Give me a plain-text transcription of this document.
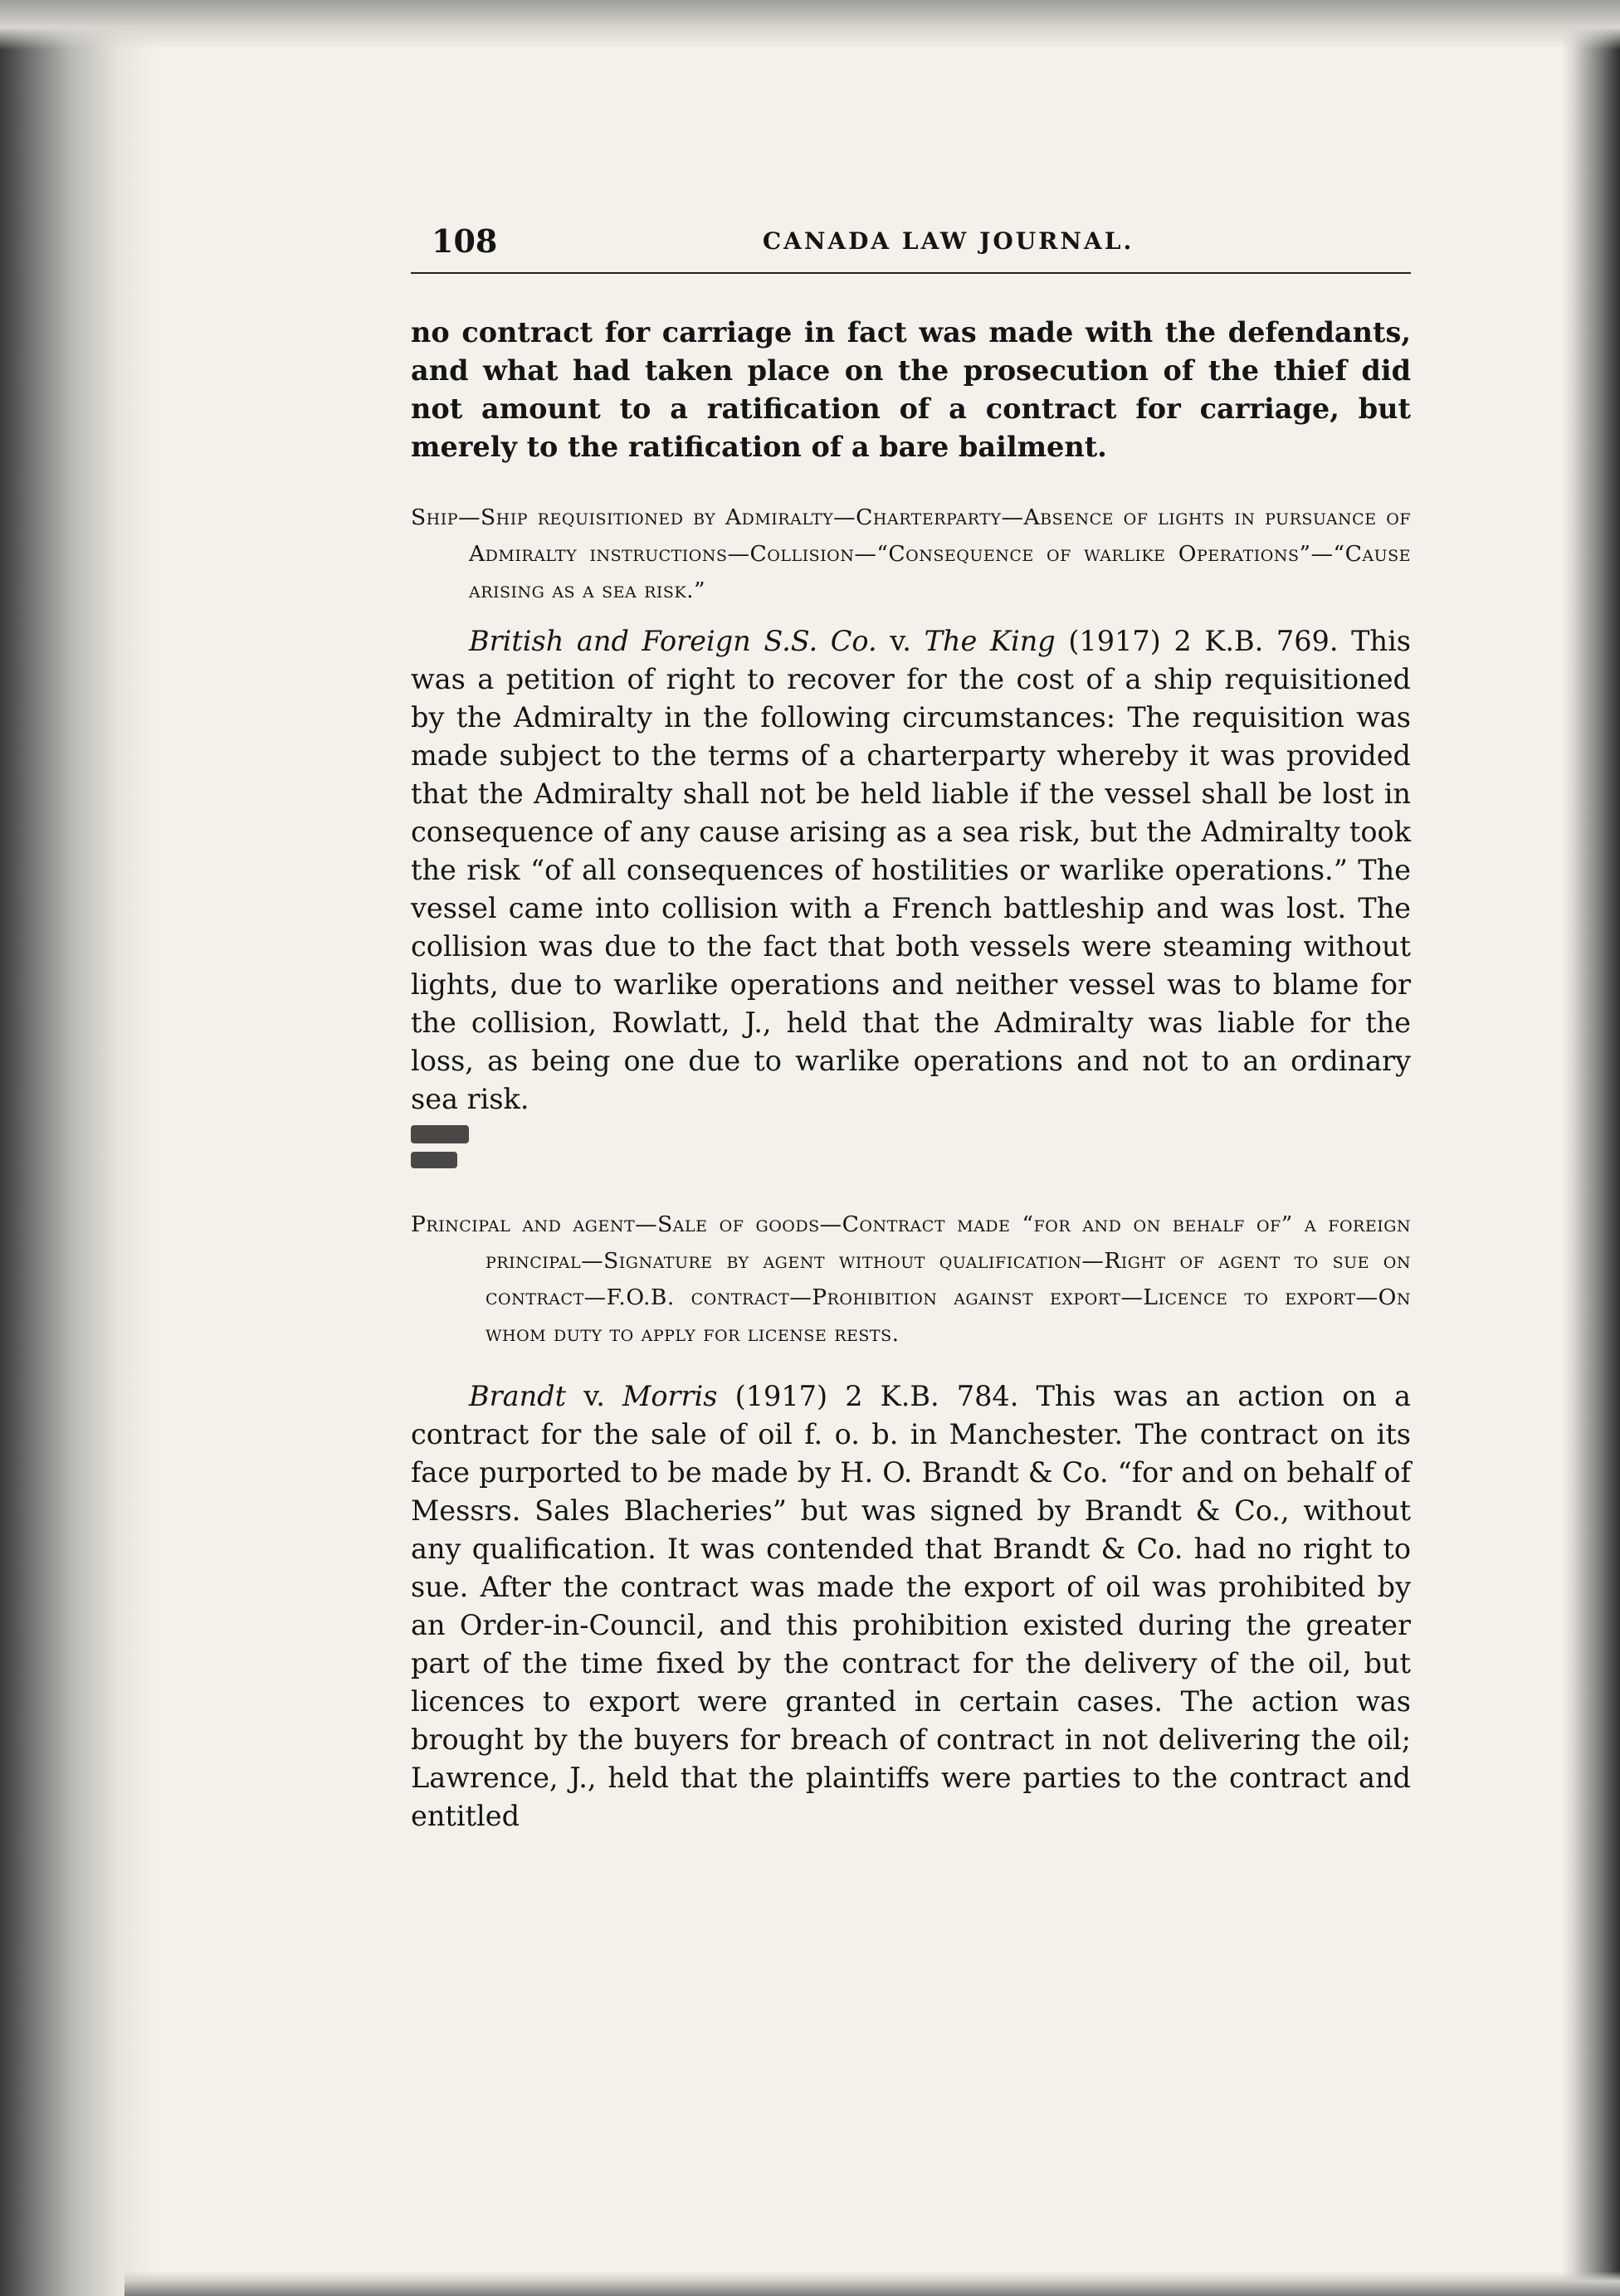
108	CANADA LAW JOURNAL.

no contract for carriage in fact was made with the defendants, and what had taken place on the prosecution of the thief did not amount to a ratification of a contract for carriage, but merely to the ratification of a bare bailment.

Ship—Ship requisitioned by Admiralty—Charterparty—Absence of lights in pursuance of Admiralty instructions—Collision—“Consequence of warlike Operations”—“Cause arising as a sea risk.”

British and Foreign S.S. Co. v. The King (1917) 2 K.B. 769. This was a petition of right to recover for the cost of a ship requisitioned by the Admiralty in the following circumstances: The requisition was made subject to the terms of a charterparty whereby it was provided that the Admiralty shall not be held liable if the vessel shall be lost in consequence of any cause arising as a sea risk, but the Admiralty took the risk “of all consequences of hostilities or warlike operations.” The vessel came into collision with a French battleship and was lost. The collision was due to the fact that both vessels were steaming without lights, due to warlike operations and neither vessel was to blame for the collision, Rowlatt, J., held that the Admiralty was liable for the loss, as being one due to warlike operations and not to an ordinary sea risk.

Principal and agent—Sale of goods—Contract made “for and on behalf of” a foreign principal—Signature by agent without qualification—Right of agent to sue on contract—F.O.B. contract—Prohibition against export—Licence to export—On whom duty to apply for license rests.

Brandt v. Morris (1917) 2 K.B. 784. This was an action on a contract for the sale of oil f. o. b. in Manchester. The contract on its face purported to be made by H. O. Brandt & Co. “for and on behalf of Messrs. Sales Blacheries” but was signed by Brandt & Co., without any qualification. It was contended that Brandt & Co. had no right to sue. After the contract was made the export of oil was prohibited by an Order-in-Council, and this prohibition existed during the greater part of the time fixed by the contract for the delivery of the oil, but licences to export were granted in certain cases. The action was brought by the buyers for breach of contract in not delivering the oil; Lawrence, J., held that the plaintiffs were parties to the contract and entitled
